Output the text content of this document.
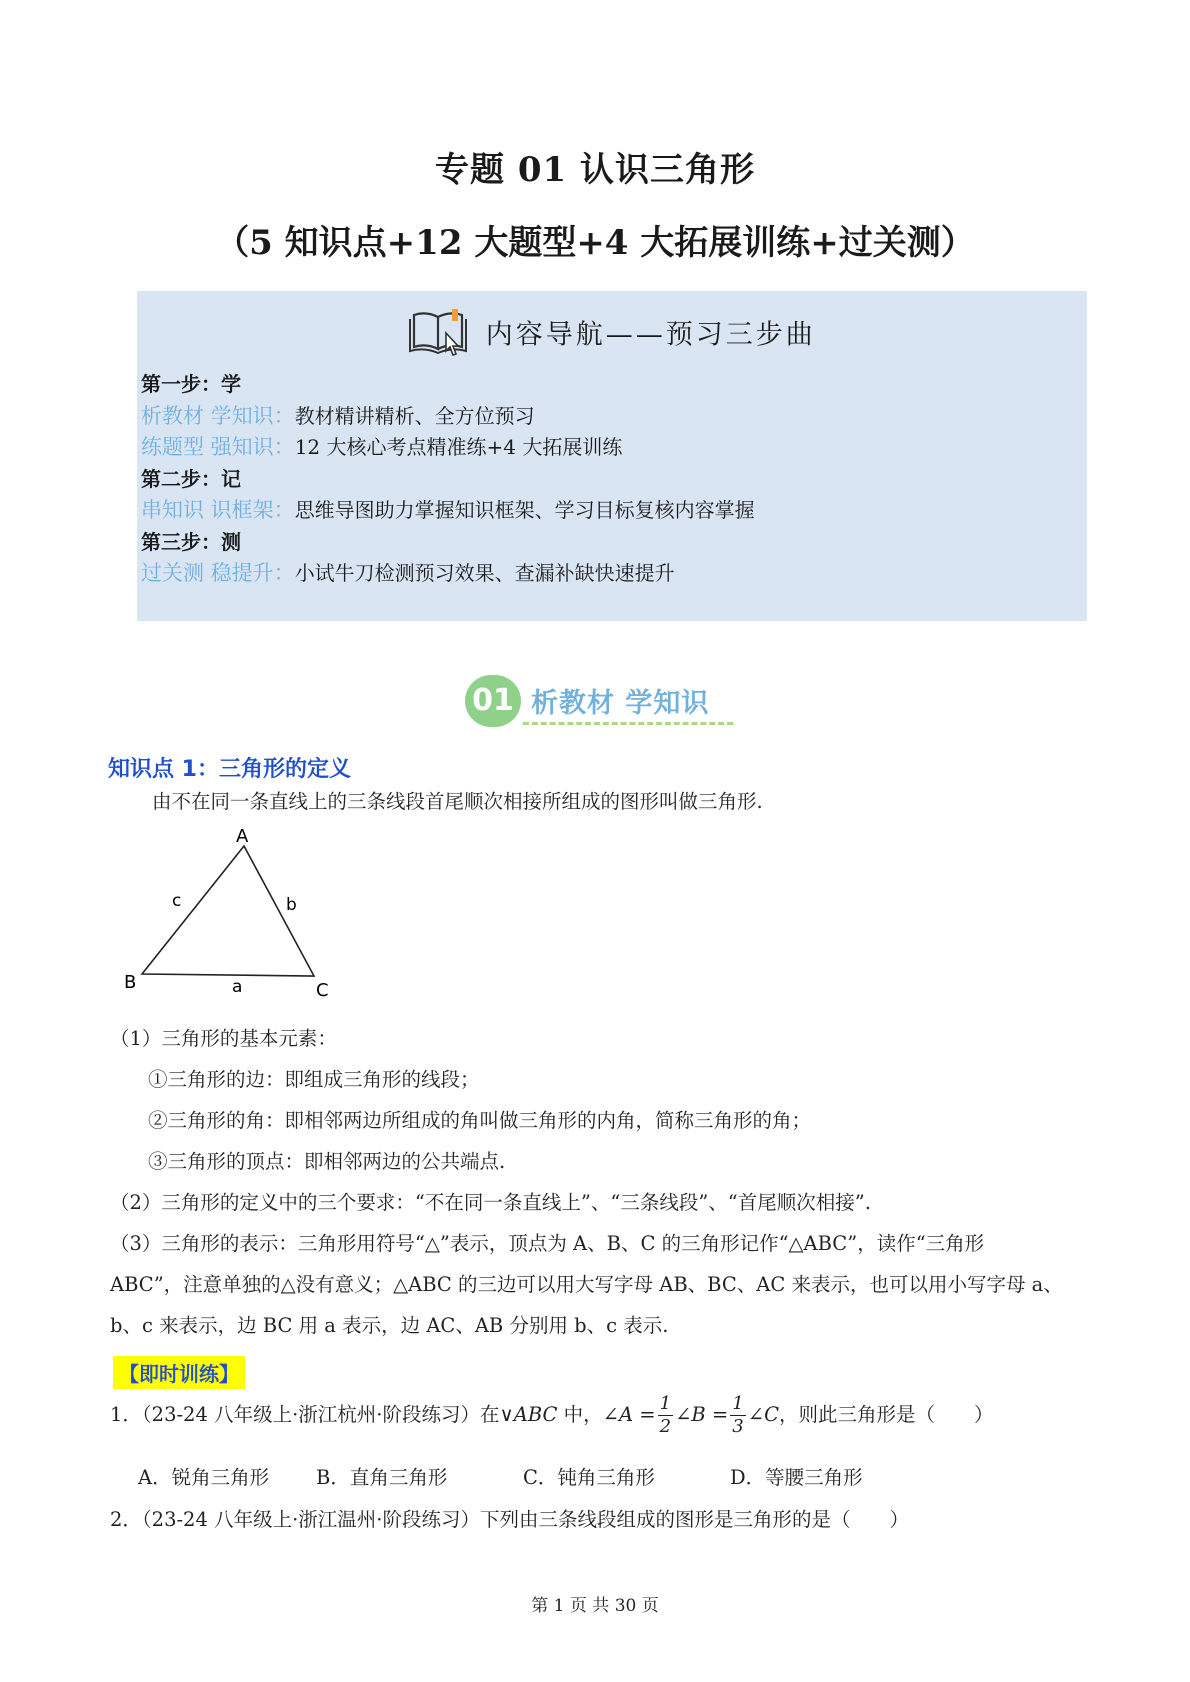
专题 01 认识三角形
（5 知识点+12 大题型+4 大拓展训练+过关测）
内容导航——预习三步曲
第一步：学
析教材 学知识：教材精讲精析、全方位预习
练题型 强知识：12 大核心考点精准练+4 大拓展训练
第二步：记
串知识 识框架：思维导图助力掌握知识框架、学习目标复核内容掌握
第三步：测
过关测 稳提升：小试牛刀检测预习效果、查漏补缺快速提升
01 析教材 学知识
知识点 1：三角形的定义
由不在同一条直线上的三条线段首尾顺次相接所组成的图形叫做三角形.
A
B	C
a
b
c
（1）三角形的基本元素：
①三角形的边：即组成三角形的线段；
②三角形的角：即相邻两边所组成的角叫做三角形的内角，简称三角形的角；
③三角形的顶点：即相邻两边的公共端点.
（2）三角形的定义中的三个要求：“不在同一条直线上”、“三条线段”、“首尾顺次相接”.
（3）三角形的表示：三角形用符号“△”表示，顶点为 A、B、C 的三角形记作“△ABC”，读作“三角形
ABC”，注意单独的△没有意义；△ABC 的三边可以用大写字母 AB、BC、AC 来表示，也可以用小写字母 a、
b、c 来表示，边 BC 用 a 表示，边 AC、AB 分别用 b、c 表示.
【即时训练】
1．（23-24 八年级上·浙江杭州·阶段练习）在∨ABC 中，∠A = $\frac{1}{2}$ ∠B = $\frac{1}{3}$ ∠C，则此三角形是（　　）
A．锐角三角形 B．直角三角形	C．钝角三角形	D．等腰三角形
2．（23-24 八年级上·浙江温州·阶段练习）下列由三条线段组成的图形是三角形的是（　　）
第 1 页 共 30 页
